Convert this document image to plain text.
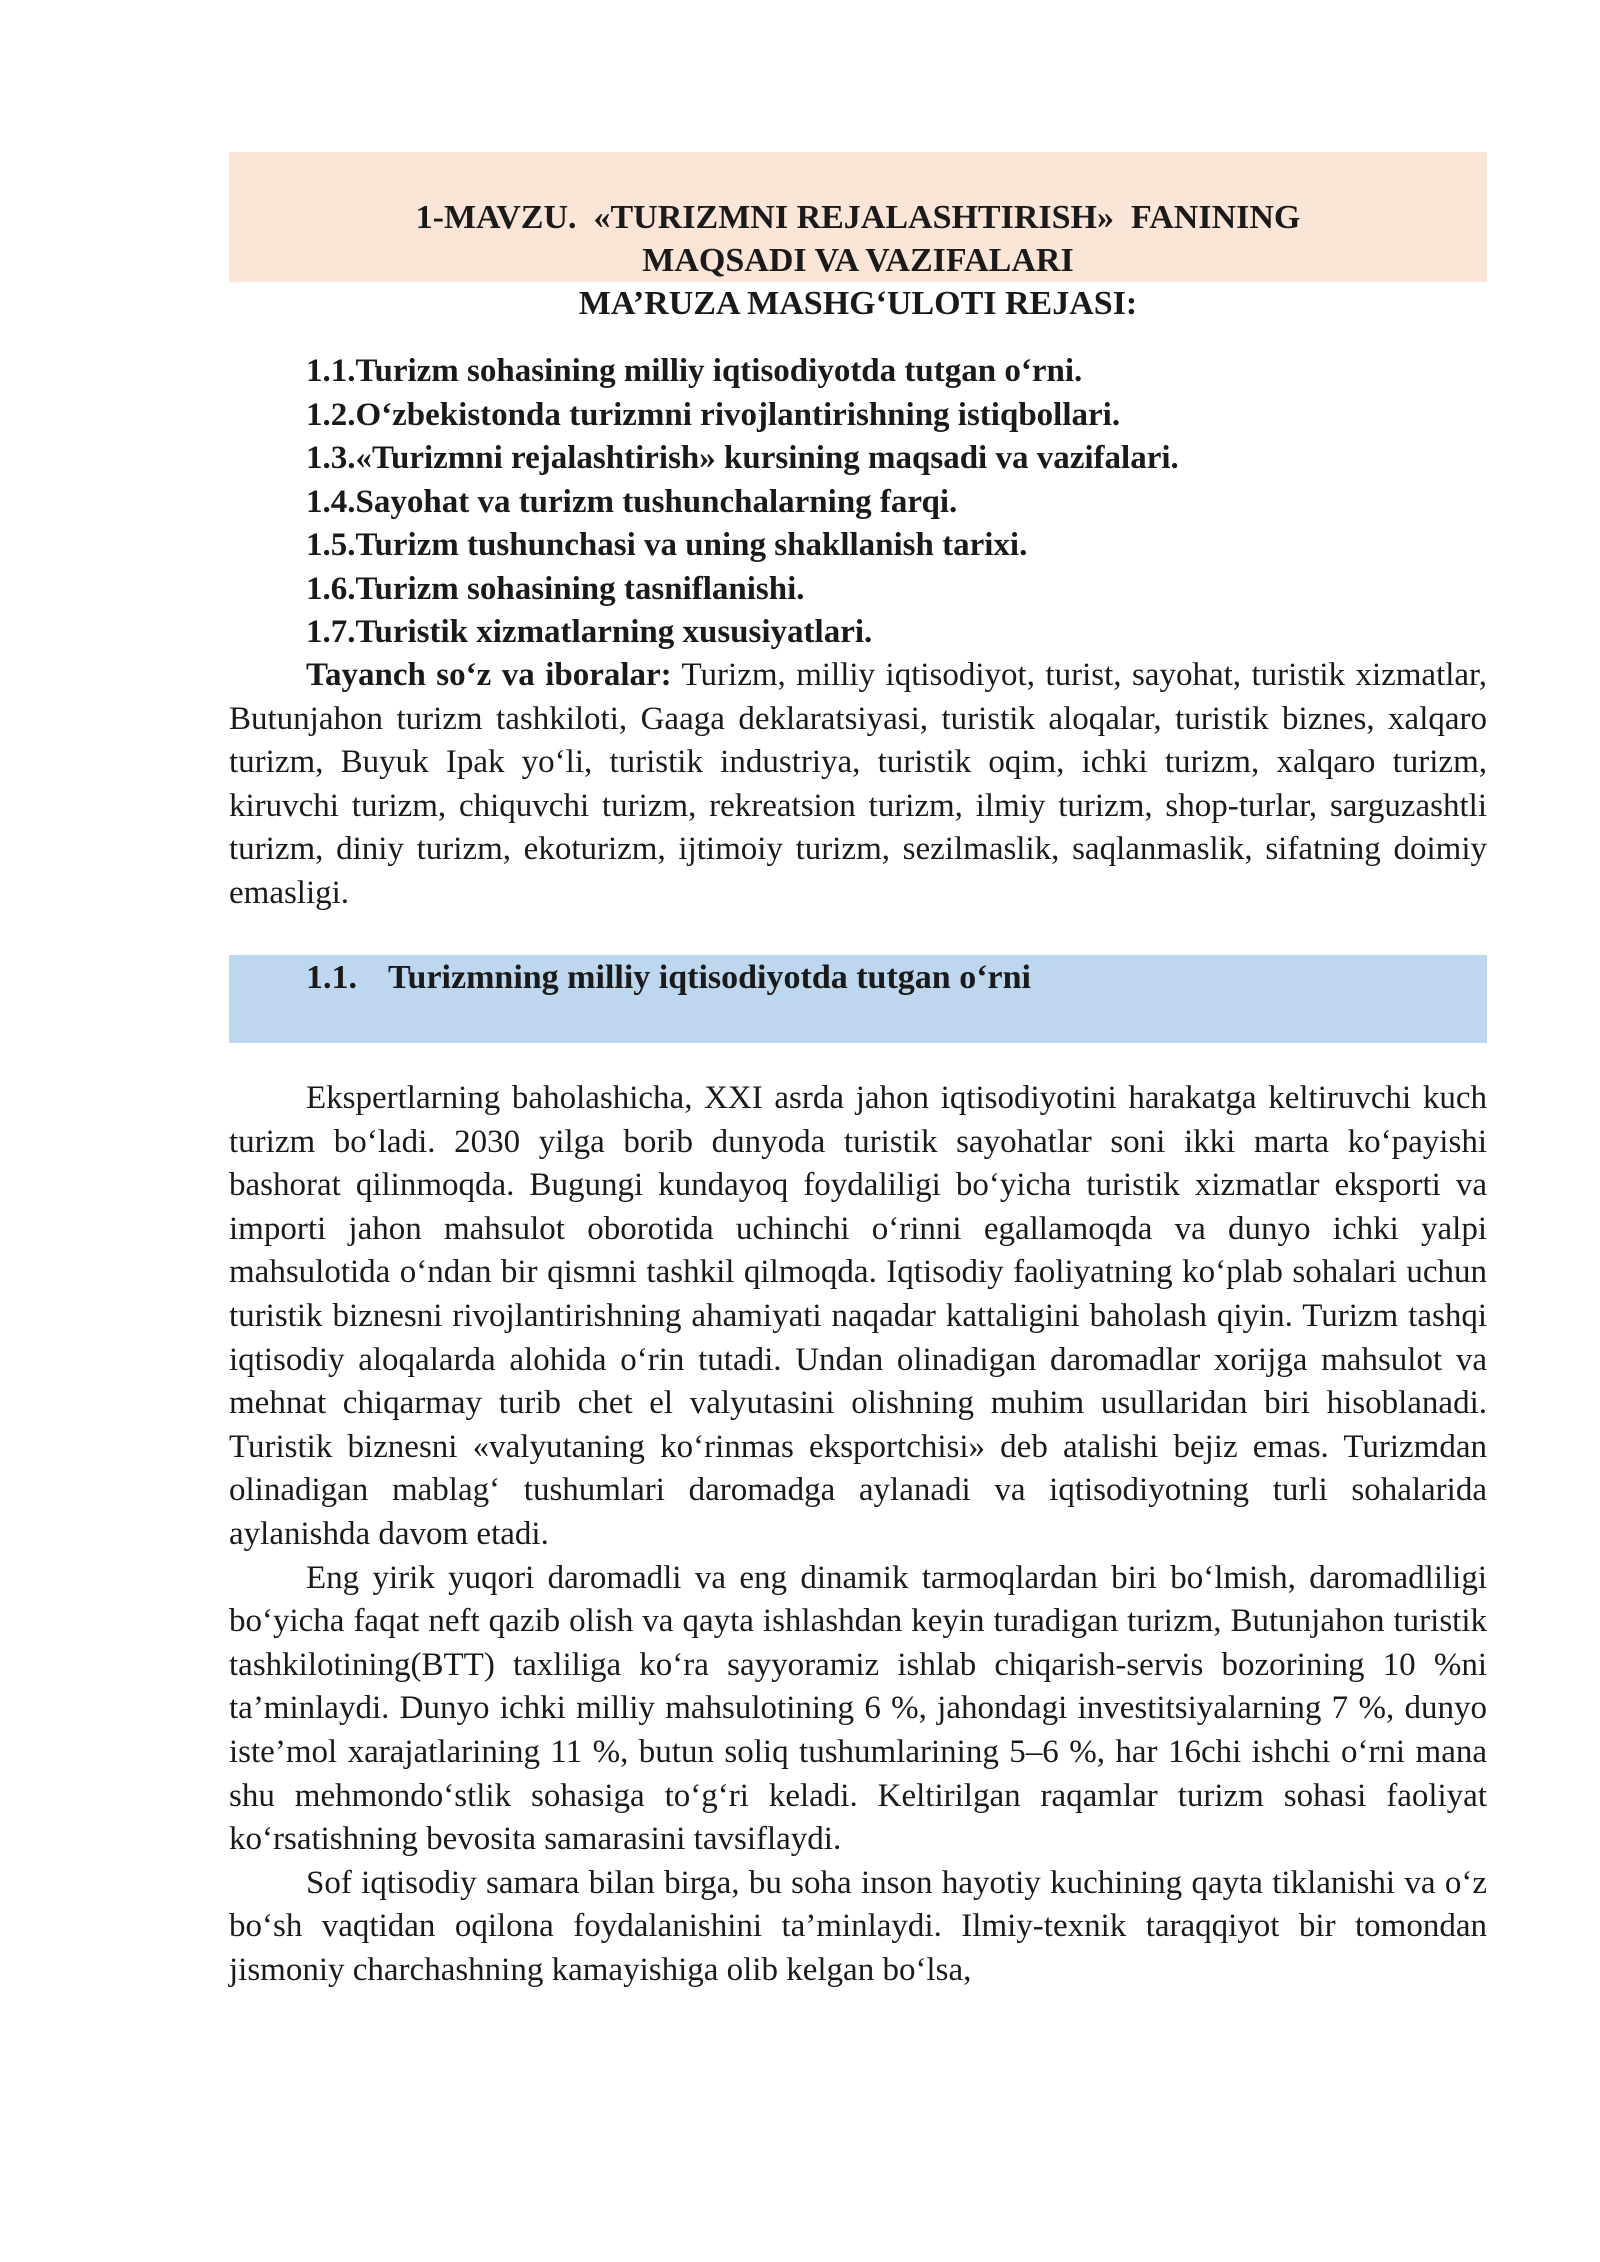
1-MAVZU.  «TURIZMNI REJALASHTIRISH»  FANINING
MAQSADI VA VAZIFALARI
MA’RUZA MASHG‘ULOTI REJASI:
1.1.Turizm sohasining milliy iqtisodiyotda tutgan o‘rni.
1.2.O‘zbekistonda turizmni rivojlantirishning istiqbollari.
1.3.«Turizmni rejalashtirish» kursining maqsadi va vazifalari.
1.4.Sayohat va turizm tushunchalarning farqi.
1.5.Turizm tushunchasi va uning shakllanish tarixi.
1.6.Turizm sohasining tasniflanishi.
1.7.Turistik xizmatlarning xususiyatlari.

Tayanch so‘z va iboralar: Turizm, milliy iqtisodiyot, turist, sayohat, turistik xizmatlar, Butunjahon turizm tashkiloti, Gaaga deklaratsiyasi, turistik aloqalar, turistik biznes, xalqaro turizm, Buyuk Ipak yo‘li, turistik industriya, turistik oqim, ichki turizm, xalqaro turizm, kiruvchi turizm, chiquvchi turizm, rekreatsion turizm, ilmiy turizm, shop-turlar, sarguzashtli turizm, diniy turizm, ekoturizm, ijtimoiy turizm, sezilmaslik, saqlanmaslik, sifatning doimiy emasligi.

1.1. Turizmning milliy iqtisodiyotda tutgan o‘rni

Ekspertlarning baholashicha, XXI asrda jahon iqtisodiyotini harakatga keltiruvchi kuch turizm bo‘ladi. 2030 yilga borib dunyoda turistik sayohatlar soni ikki marta ko‘payishi bashorat qilinmoqda. Bugungi kundayoq foydaliligi bo‘yicha turistik xizmatlar eksporti va importi jahon mahsulot oborotida uchinchi o‘rinni egallamoqda va dunyo ichki yalpi mahsulotida o‘ndan bir qismni tashkil qilmoqda. Iqtisodiy faoliyatning ko‘plab sohalari uchun turistik biznesni rivojlantirishning ahamiyati naqadar kattaligini baholash qiyin. Turizm tashqi iqtisodiy aloqalarda alohida o‘rin tutadi. Undan olinadigan daromadlar xorijga mahsulot va mehnat chiqarmay turib chet el valyutasini olishning muhim usullaridan biri hisoblanadi. Turistik biznesni «valyutaning ko‘rinmas eksportchisi» deb atalishi bejiz emas. Turizmdan olinadigan mablag‘ tushumlari daromadga aylanadi va iqtisodiyotning turli sohalarida aylanishda davom etadi.

Eng yirik yuqori daromadli va eng dinamik tarmoqlardan biri bo‘lmish, daromadliligi bo‘yicha faqat neft qazib olish va qayta ishlashdan keyin turadigan turizm, Butunjahon turistik tashkilotining(BTT) taxliliga ko‘ra sayyoramiz ishlab chiqarish-servis bozorining 10 %ni ta’minlaydi. Dunyo ichki milliy mahsulotining 6 %, jahondagi investitsiyalarning 7 %, dunyo iste’mol xarajatlarining 11 %, butun soliq tushumlarining 5–6 %, har 16chi ishchi o‘rni mana shu mehmondo‘stlik sohasiga to‘g‘ri keladi. Keltirilgan raqamlar turizm sohasi faoliyat ko‘rsatishning bevosita samarasini tavsiflaydi.

Sof iqtisodiy samara bilan birga, bu soha inson hayotiy kuchining qayta tiklanishi va o‘z bo‘sh vaqtidan oqilona foydalanishini ta’minlaydi. Ilmiy-texnik taraqqiyot bir tomondan jismoniy charchashning kamayishiga olib kelgan bo‘lsa,
